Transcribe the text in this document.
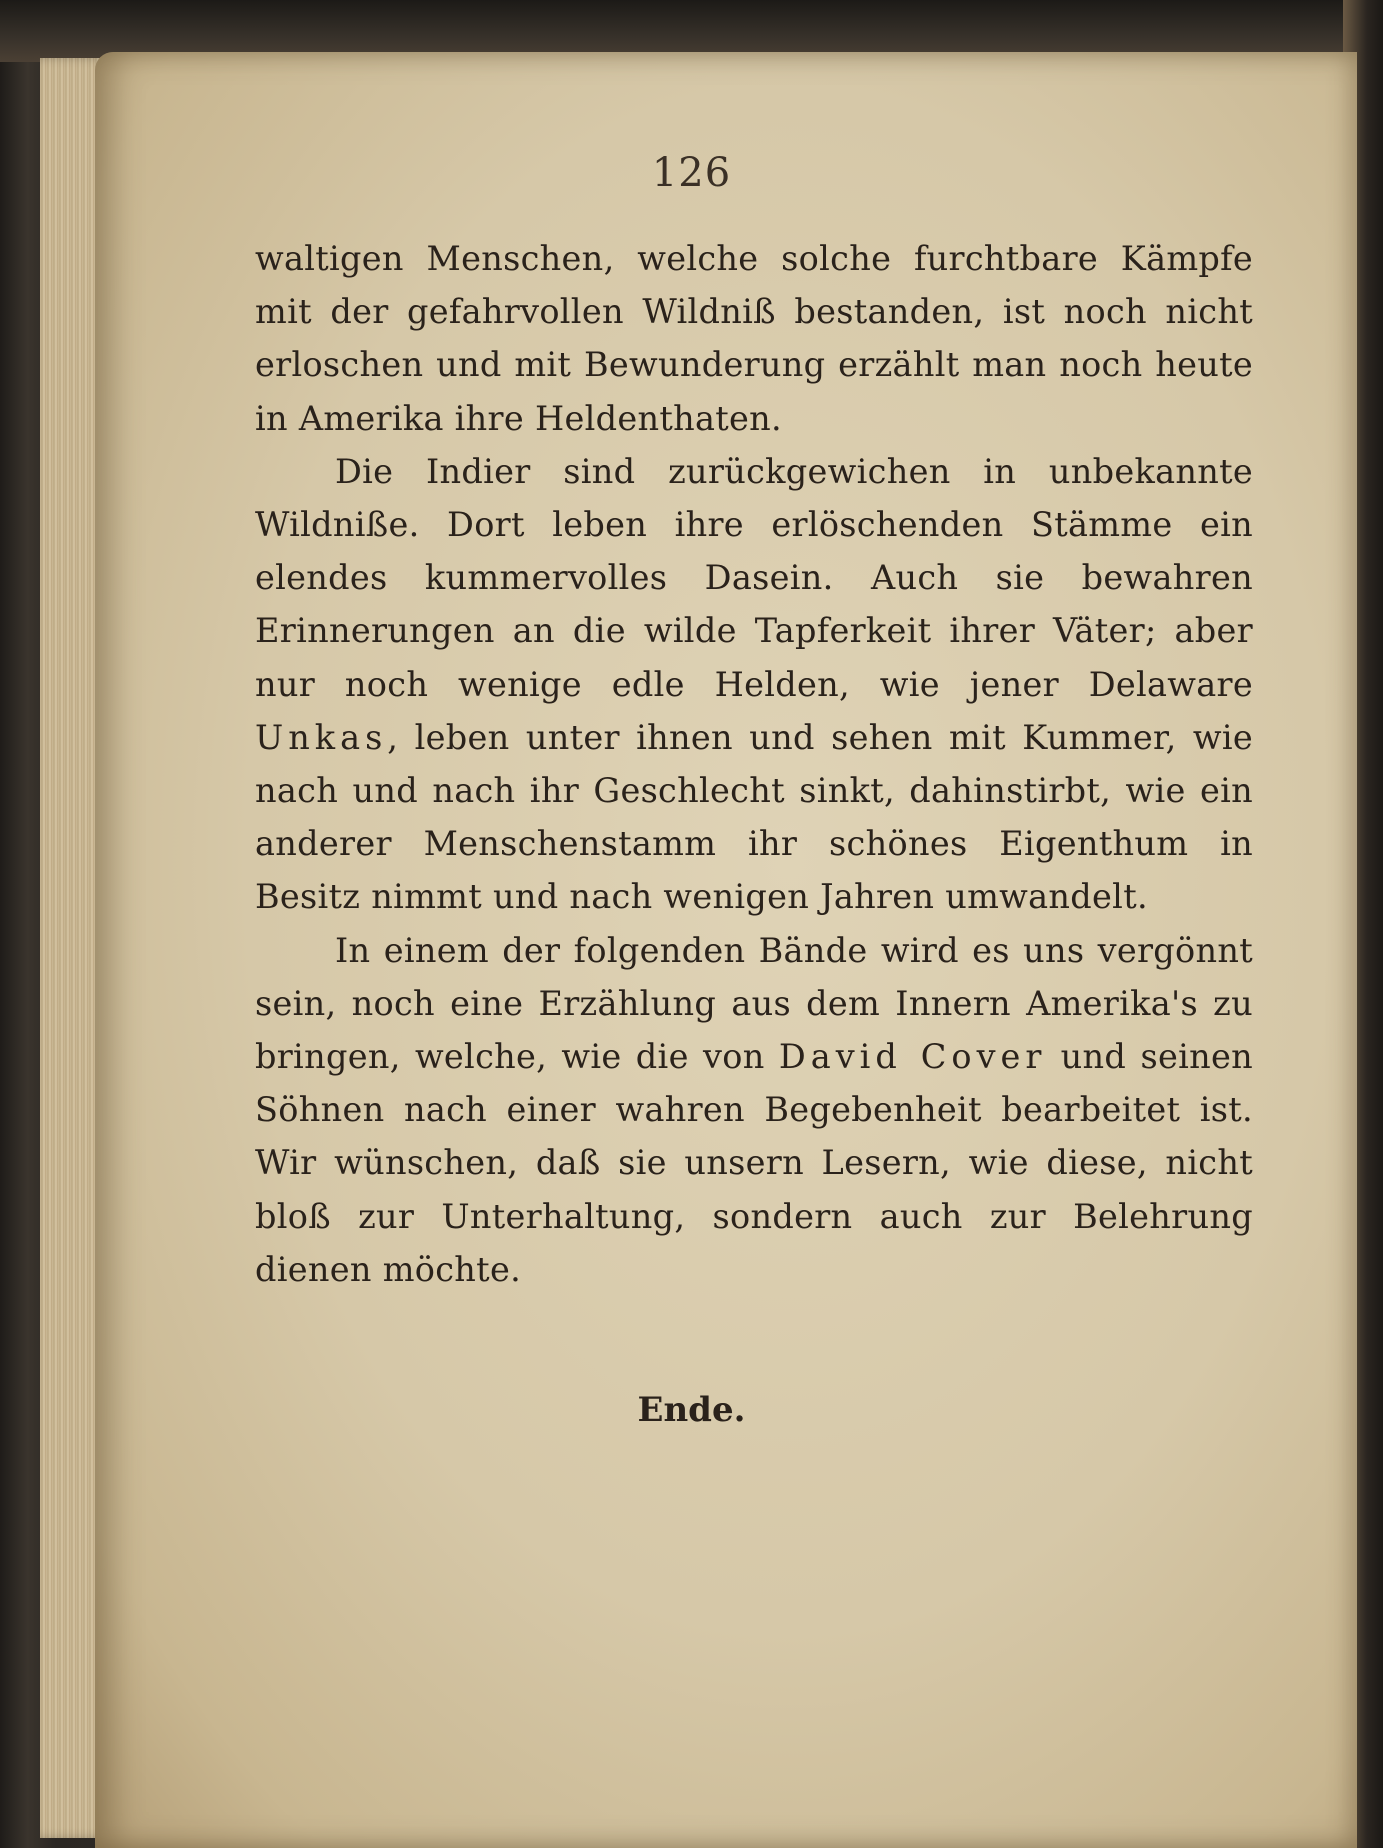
126

waltigen Menschen, welche solche furchtbare Kämpfe mit der gefahrvollen Wildniß bestanden, ist noch nicht erloschen und mit Bewunderung erzählt man noch heute in Amerika ihre Heldenthaten.

Die Indier sind zurückgewichen in unbekannte Wildniße. Dort leben ihre erlöschenden Stämme ein elendes kummervolles Dasein. Auch sie bewahren Erinnerungen an die wilde Tapferkeit ihrer Väter; aber nur noch wenige edle Helden, wie jener Delaware Unkas, leben unter ihnen und sehen mit Kummer, wie nach und nach ihr Geschlecht sinkt, dahinstirbt, wie ein anderer Menschenstamm ihr schönes Eigenthum in Besitz nimmt und nach wenigen Jahren umwandelt.

In einem der folgenden Bände wird es uns vergönnt sein, noch eine Erzählung aus dem Innern Amerika's zu bringen, welche, wie die von David Cover und seinen Söhnen nach einer wahren Begebenheit bearbeitet ist. Wir wünschen, daß sie unsern Lesern, wie diese, nicht bloß zur Unterhaltung, sondern auch zur Belehrung dienen möchte.

Ende.
